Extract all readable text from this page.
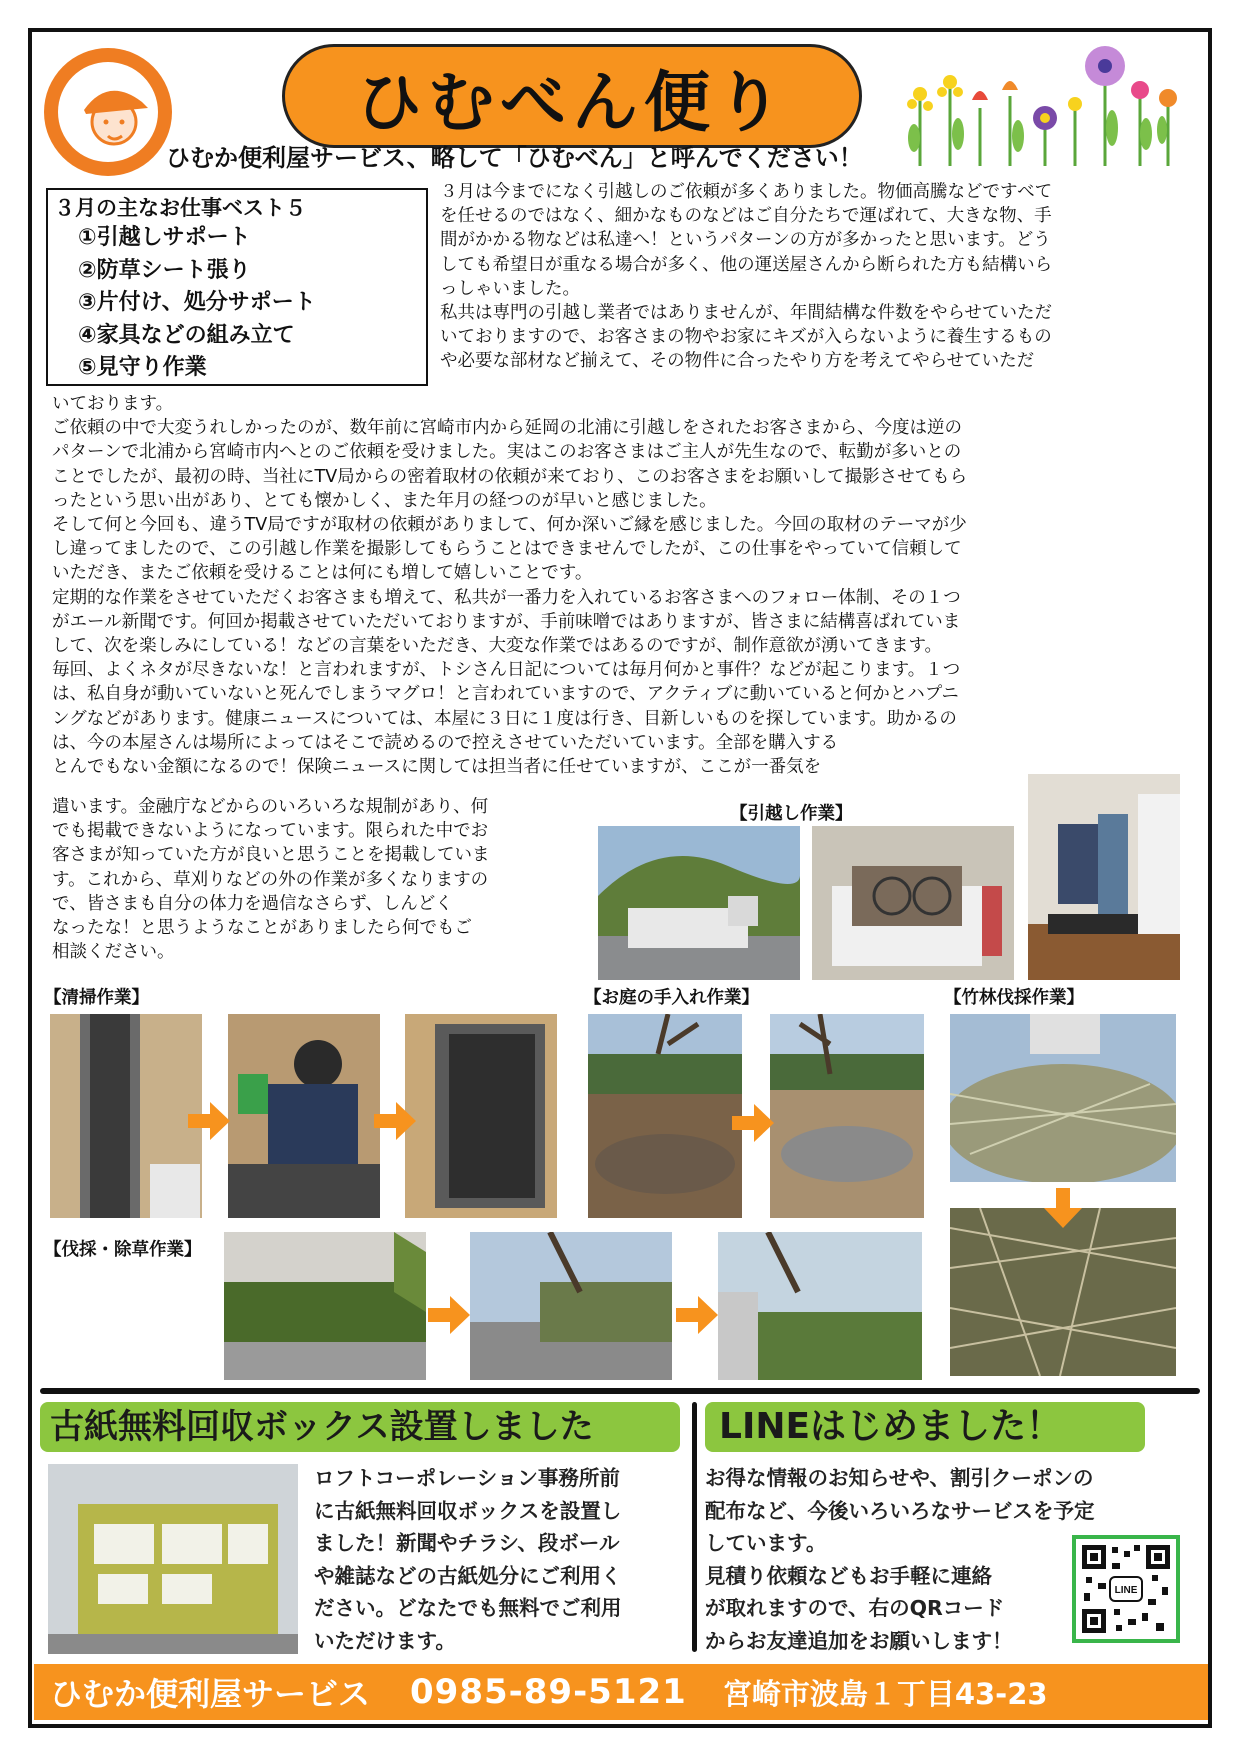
ひむべん便り
ひむか便利屋サービス、略して「ひむべん」と呼んでください！
３月の主なお仕事ベスト５
①引越しサポート
②防草シート張り
③片付け、処分サポート
④家具などの組み立て
⑤見守り作業

３月は今までになく引越しのご依頼が多くありました。物価高騰などですべて

を任せるのではなく、細かなものなどはご自分たちで運ばれて、大きな物、手

間がかかる物などは私達へ！というパターンの方が多かったと思います。どう

しても希望日が重なる場合が多く、他の運送屋さんから断られた方も結構いら

っしゃいました。

私共は専門の引越し業者ではありませんが、年間結構な件数をやらせていただ

いておりますので、お客さまの物やお家にキズが入らないように養生するもの

や必要な部材など揃えて、その物件に合ったやり方を考えてやらせていただ

いております。

ご依頼の中で大変うれしかったのが、数年前に宮崎市内から延岡の北浦に引越しをされたお客さまから、今度は逆の

パターンで北浦から宮崎市内へとのご依頼を受けました。実はこのお客さまはご主人が先生なので、転勤が多いとの

ことでしたが、最初の時、当社にTV局からの密着取材の依頼が来ており、このお客さまをお願いして撮影させてもら

ったという思い出があり、とても懐かしく、また年月の経つのが早いと感じました。

そして何と今回も、違うTV局ですが取材の依頼がありまして、何か深いご縁を感じました。今回の取材のテーマが少

し違ってましたので、この引越し作業を撮影してもらうことはできませんでしたが、この仕事をやっていて信頼して

いただき、またご依頼を受けることは何にも増して嬉しいことです。

定期的な作業をさせていただくお客さまも増えて、私共が一番力を入れているお客さまへのフォロー体制、その１つ

がエール新聞です。何回か掲載させていただいておりますが、手前味噌ではありますが、皆さまに結構喜ばれていま

して、次を楽しみにしている！などの言葉をいただき、大変な作業ではあるのですが、制作意欲が湧いてきます。

毎回、よくネタが尽きないな！と言われますが、トシさん日記については毎月何かと事件？などが起こります。１つ

は、私自身が動いていないと死んでしまうマグロ！と言われていますので、アクティブに動いていると何かとハプニ

ングなどがあります。健康ニュースについては、本屋に３日に１度は行き、目新しいものを探しています。助かるの

は、今の本屋さんは場所によってはそこで読めるので控えさせていただいています。全部を購入する

とんでもない金額になるので！保険ニュースに関しては担当者に任せていますが、ここが一番気を

遣います。金融庁などからのいろいろな規制があり、何

でも掲載できないようになっています。限られた中でお

客さまが知っていた方が良いと思うことを掲載していま

す。これから、草刈りなどの外の作業が多くなりますの

で、皆さまも自分の体力を過信なさらず、しんどく

なったな！と思うようなことがありましたら何でもご

相談ください。

【引越し作業】
【清掃作業】	【お庭の手入れ作業】	【竹林伐採作業】
【伐採・除草作業】
古紙無料回収ボックス設置しました

ロフトコーポレーション事務所前

に古紙無料回収ボックスを設置し

ました！新聞やチラシ、段ボール

や雑誌などの古紙処分にご利用く

ださい。どなたでも無料でご利用

いただけます。

LINEはじめました！

お得な情報のお知らせや、割引クーポンの

配布など、今後いろいろなサービスを予定

しています。

見積り依頼などもお手軽に連絡

が取れますので、右のQRコード

からお友達追加をお願いします！

LINE
ひむか便利屋サービス 0985-89-5121 宮崎市波島１丁目43-23
